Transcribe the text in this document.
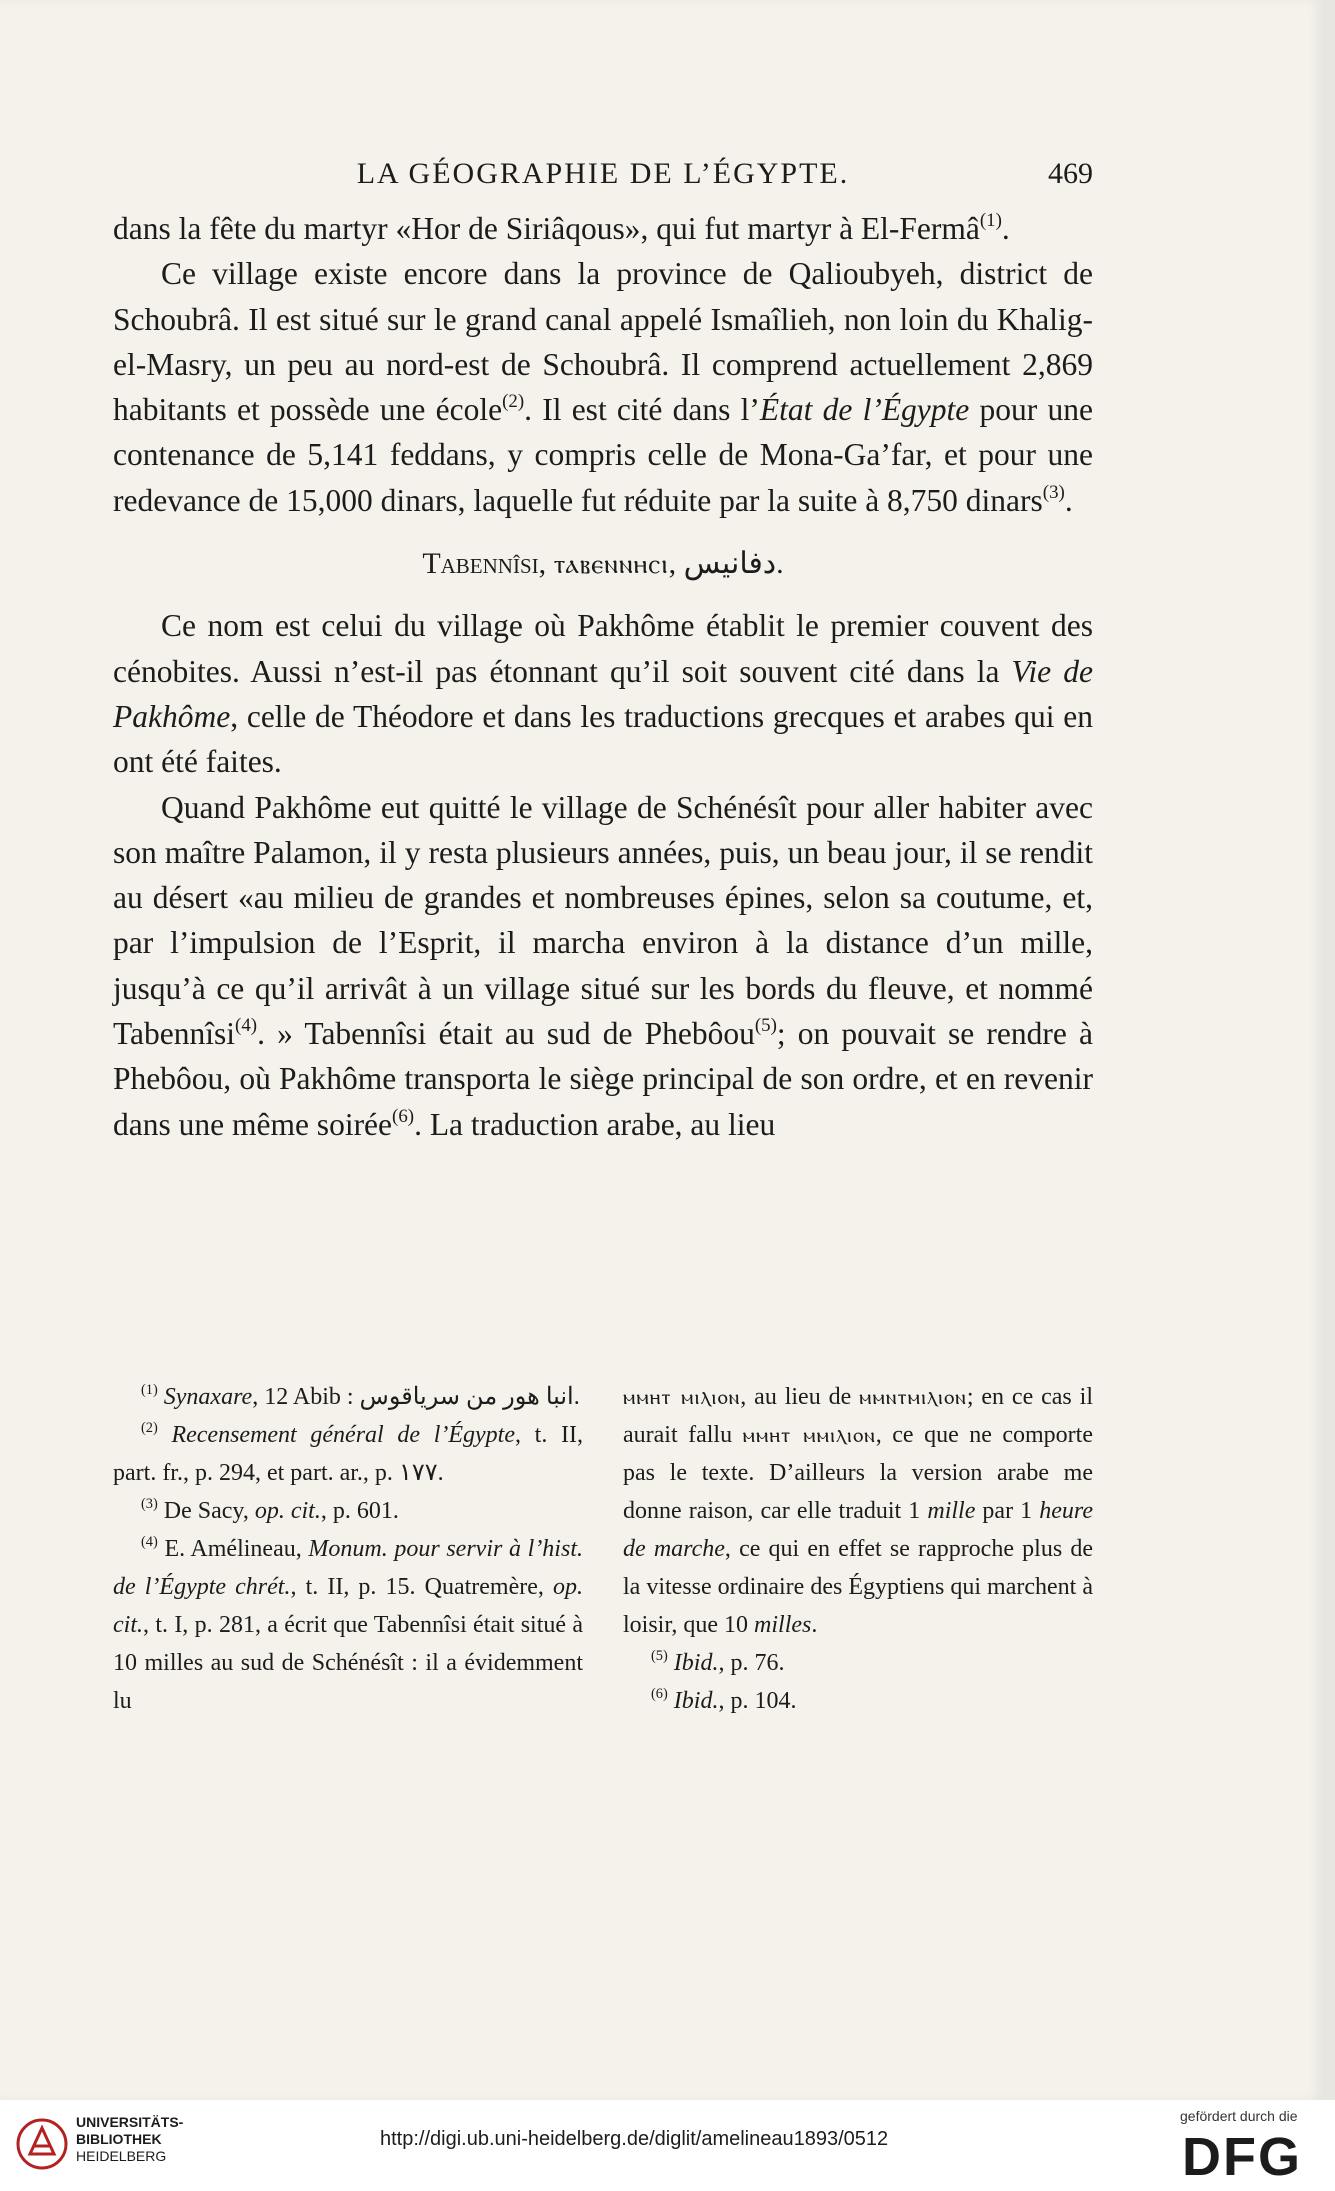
LA GÉOGRAPHIE DE L’ÉGYPTE.	469

dans la fête du martyr «Hor de Siriâqous», qui fut martyr à El-Fermâ$^{(1)}$.

Ce village existe encore dans la province de Qalioubyeh, district de Schoubrâ. Il est situé sur le grand canal appelé Ismaîlieh, non loin du Khalig-el-Masry, un peu au nord-est de Schoubrâ. Il comprend actuellement 2,869 habitants et possède une école$^{(2)}$. Il est cité dans l’État de l’Égypte pour une contenance de 5,141 feddans, y compris celle de Mona-Ga’far, et pour une redevance de 15,000 dinars, laquelle fut réduite par la suite à 8,750 dinars$^{(3)}$.

Tabennîsi, ⲧⲁⲃⲉⲛⲛⲏⲥⲓ, دفانيس.

Ce nom est celui du village où Pakhôme établit le premier couvent des cénobites. Aussi n’est-il pas étonnant qu’il soit souvent cité dans la Vie de Pakhôme, celle de Théodore et dans les traductions grecques et arabes qui en ont été faites.

Quand Pakhôme eut quitté le village de Schénésît pour aller habiter avec son maître Palamon, il y resta plusieurs années, puis, un beau jour, il se rendit au désert «au milieu de grandes et nombreuses épines, selon sa coutume, et, par l’impulsion de l’Esprit, il marcha environ à la distance d’un mille, jusqu’à ce qu’il arrivât à un village situé sur les bords du fleuve, et nommé Tabennîsi$^{(4)}$. » Tabennîsi était au sud de Phebôou$^{(5)}$; on pouvait se rendre à Phebôou, où Pakhôme transporta le siège principal de son ordre, et en revenir dans une même soirée$^{(6)}$. La traduction arabe, au lieu

$^{(1)}$ Synaxare, 12 Abib : انبا هور من سرياقوس.

$^{(2)}$ Recensement général de l’Égypte, t. II, part. fr., p. 294, et part. ar., p. ١٧٧.

$^{(3)}$ De Sacy, op. cit., p. 601.

$^{(4)}$ E. Amélineau, Monum. pour servir à l’hist. de l’Égypte chrét., t. II, p. 15. Quatremère, op. cit., t. I, p. 281, a écrit que Tabennîsi était situé à 10 milles au sud de Schénésît : il a évidemment lu

ⲙⲙⲏⲧ ⲙⲓⲗⲓⲟⲛ, au lieu de ⲙⲙⲛⲧⲙⲓⲗⲓⲟⲛ; en ce cas il aurait fallu ⲙⲙⲏⲧ ⲙⲙⲓⲗⲓⲟⲛ, ce que ne comporte pas le texte. D’ailleurs la version arabe me donne raison, car elle traduit 1 mille par 1 heure de marche, ce qui en effet se rapproche plus de la vitesse ordinaire des Égyptiens qui marchent à loisir, que 10 milles.

$^{(5)}$ Ibid., p. 76.

$^{(6)}$ Ibid., p. 104.

UNIVERSITÄTS-
BIBLIOTHEK
HEIDELBERG
http://digi.ub.uni-heidelberg.de/diglit/amelineau1893/0512
gefördert durch die
DFG
